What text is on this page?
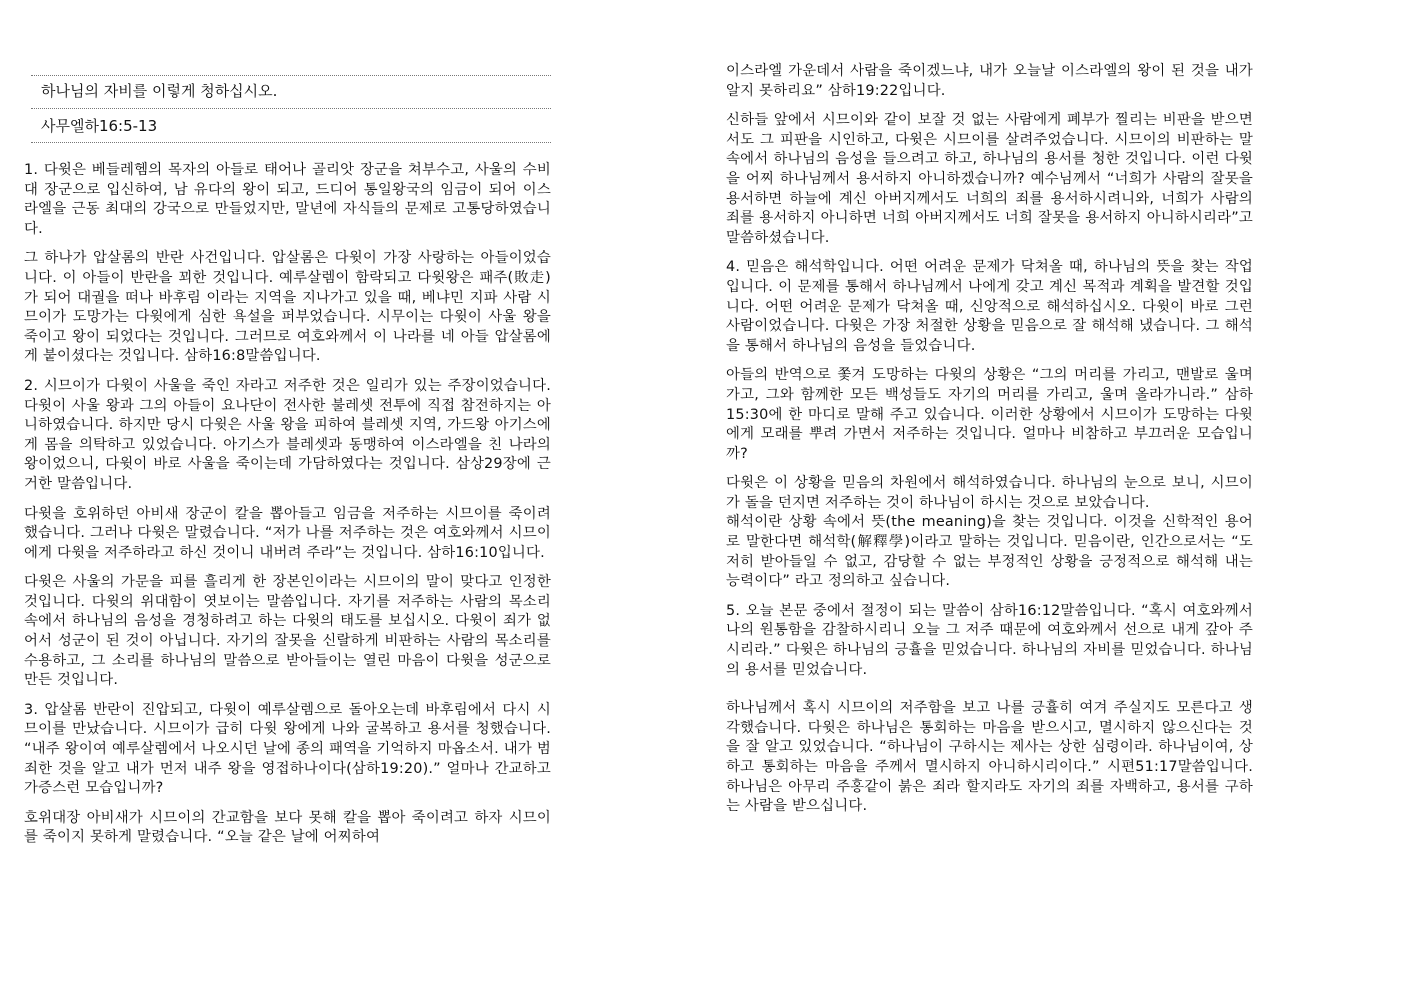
하나님의 자비를 이렇게 청하십시오.
사무엘하16:5-13

1. 다윗은 베들레헴의 목자의 아들로 태어나 골리앗 장군을 쳐부수고, 사울의 수비대 장군으로 입신하여, 남 유다의 왕이 되고, 드디어 통일왕국의 임금이 되어 이스라엘을 근동 최대의 강국으로 만들었지만, 말년에 자식들의 문제로 고통당하였습니다.

그 하나가 압살롬의 반란 사건입니다. 압살롬은 다윗이 가장 사랑하는 아들이었습니다. 이 아들이 반란을 꾀한 것입니다. 예루살렘이 함락되고 다윗왕은 패주(敗走)가 되어 대궐을 떠나 바후림 이라는 지역을 지나가고 있을 때, 베냐민 지파 사람 시므이가 도망가는 다윗에게 심한 욕설을 퍼부었습니다. 시무이는 다윗이 사울 왕을 죽이고 왕이 되었다는 것입니다. 그러므로 여호와께서 이 나라를 네 아들 압살롬에게 붙이셨다는 것입니다. 삼하16:8말씀입니다.

2. 시므이가 다윗이 사울을 죽인 자라고 저주한 것은 일리가 있는 주장이었습니다. 다윗이 사울 왕과 그의 아들이 요나단이 전사한 불레셋 전투에 직접 참전하지는 아니하였습니다. 하지만 당시 다윗은 사울 왕을 피하여 블레셋 지역, 가드왕 아기스에게 몸을 의탁하고 있었습니다. 아기스가 블레셋과 동맹하여 이스라엘을 친 나라의 왕이었으니, 다윗이 바로 사울을 죽이는데 가담하였다는 것입니다. 삼상29장에 근거한 말씀입니다.

다윗을 호위하던 아비새 장군이 칼을 뽑아들고 임금을 저주하는 시므이를 죽이려 했습니다. 그러나 다윗은 말렸습니다. “저가 나를 저주하는 것은 여호와께서 시므이에게 다윗을 저주하라고 하신 것이니 내버려 주라”는 것입니다. 삼하16:10입니다.

다윗은 사울의 가문을 피를 흘리게 한 장본인이라는 시므이의 말이 맞다고 인정한 것입니다. 다윗의 위대함이 엿보이는 말씀입니다. 자기를 저주하는 사람의 목소리 속에서 하나님의 음성을 경청하려고 하는 다윗의 태도를 보십시오. 다윗이 죄가 없어서 성군이 된 것이 아닙니다. 자기의 잘못을 신랄하게 비판하는 사람의 목소리를 수용하고, 그 소리를 하나님의 말씀으로 받아들이는 열린 마음이 다윗을 성군으로 만든 것입니다.

3. 압살롬 반란이 진압되고, 다윗이 예루살렘으로 돌아오는데 바후림에서 다시 시므이를 만났습니다. 시므이가 급히 다윗 왕에게 나와 굴복하고 용서를 청했습니다. “내주 왕이여 예루살렘에서 나오시던 날에 종의 패역을 기억하지 마옵소서. 내가 범죄한 것을 알고 내가 먼저 내주 왕을 영접하나이다(삼하19:20).” 얼마나 간교하고 가증스런 모습입니까?

호위대장 아비새가 시므이의 간교함을 보다 못해 칼을 뽑아 죽이려고 하자 시므이를 죽이지 못하게 말렸습니다. “오늘 같은 날에 어찌하여

이스라엘 가운데서 사람을 죽이겠느냐, 내가 오늘날 이스라엘의 왕이 된 것을 내가 알지 못하리요” 삼하19:22입니다.

신하들 앞에서 시므이와 같이 보잘 것 없는 사람에게 폐부가 찔리는 비판을 받으면서도 그 피판을 시인하고, 다윗은 시므이를 살려주었습니다. 시므이의 비판하는 말 속에서 하나님의 음성을 들으려고 하고, 하나님의 용서를 청한 것입니다. 이런 다윗을 어찌 하나님께서 용서하지 아니하겠습니까? 예수님께서 “너희가 사람의 잘못을 용서하면 하늘에 계신 아버지께서도 너희의 죄를 용서하시려니와, 너희가 사람의 죄를 용서하지 아니하면 너희 아버지께서도 너희 잘못을 용서하지 아니하시리라”고 말씀하셨습니다.

4. 믿음은 해석학입니다. 어떤 어려운 문제가 닥쳐올 때, 하나님의 뜻을 찾는 작업입니다. 이 문제를 통해서 하나님께서 나에게 갖고 계신 목적과 계획을 발견할 것입니다. 어떤 어려운 문제가 닥쳐올 때, 신앙적으로 해석하십시오. 다윗이 바로 그런 사람이었습니다. 다윗은 가장 처절한 상황을 믿음으로 잘 해석해 냈습니다. 그 해석을 통해서 하나님의 음성을 들었습니다.

아들의 반역으로 쫓겨 도망하는 다윗의 상황은 “그의 머리를 가리고, 맨발로 울며 가고, 그와 함께한 모든 백성들도 자기의 머리를 가리고, 울며 올라가니라.” 삼하15:30에 한 마디로 말해 주고 있습니다. 이러한 상황에서 시므이가 도망하는 다윗에게 모래를 뿌려 가면서 저주하는 것입니다. 얼마나 비참하고 부끄러운 모습입니까?

다윗은 이 상황을 믿음의 차원에서 해석하였습니다. 하나님의 눈으로 보니, 시므이가 돌을 던지면 저주하는 것이 하나님이 하시는 것으로 보았습니다.

해석이란 상황 속에서 뜻(the meaning)을 찾는 것입니다. 이것을 신학적인 용어로 말한다면 해석학(解釋學)이라고 말하는 것입니다. 믿음이란, 인간으로서는 “도저히 받아들일 수 없고, 감당할 수 없는 부정적인 상황을 긍정적으로 해석해 내는 능력이다” 라고 정의하고 싶습니다.

5. 오늘 본문 중에서 절정이 되는 말씀이 삼하16:12말씀입니다. “혹시 여호와께서 나의 원통함을 감찰하시리니 오늘 그 저주 때문에 여호와께서 선으로 내게 갚아 주시리라.” 다윗은 하나님의 긍휼을 믿었습니다. 하나님의 자비를 믿었습니다. 하나님의 용서를 믿었습니다.

하나님께서 혹시 시므이의 저주함을 보고 나를 긍휼히 여겨 주실지도 모른다고 생각했습니다. 다윗은 하나님은 통회하는 마음을 받으시고, 멸시하지 않으신다는 것을 잘 알고 있었습니다. “하나님이 구하시는 제사는 상한 심령이라. 하나님이여, 상하고 통회하는 마음을 주께서 멸시하지 아니하시리이다.” 시편51:17말씀입니다. 하나님은 아무리 주홍같이 붉은 죄라 할지라도 자기의 죄를 자백하고, 용서를 구하는 사람을 받으십니다.
